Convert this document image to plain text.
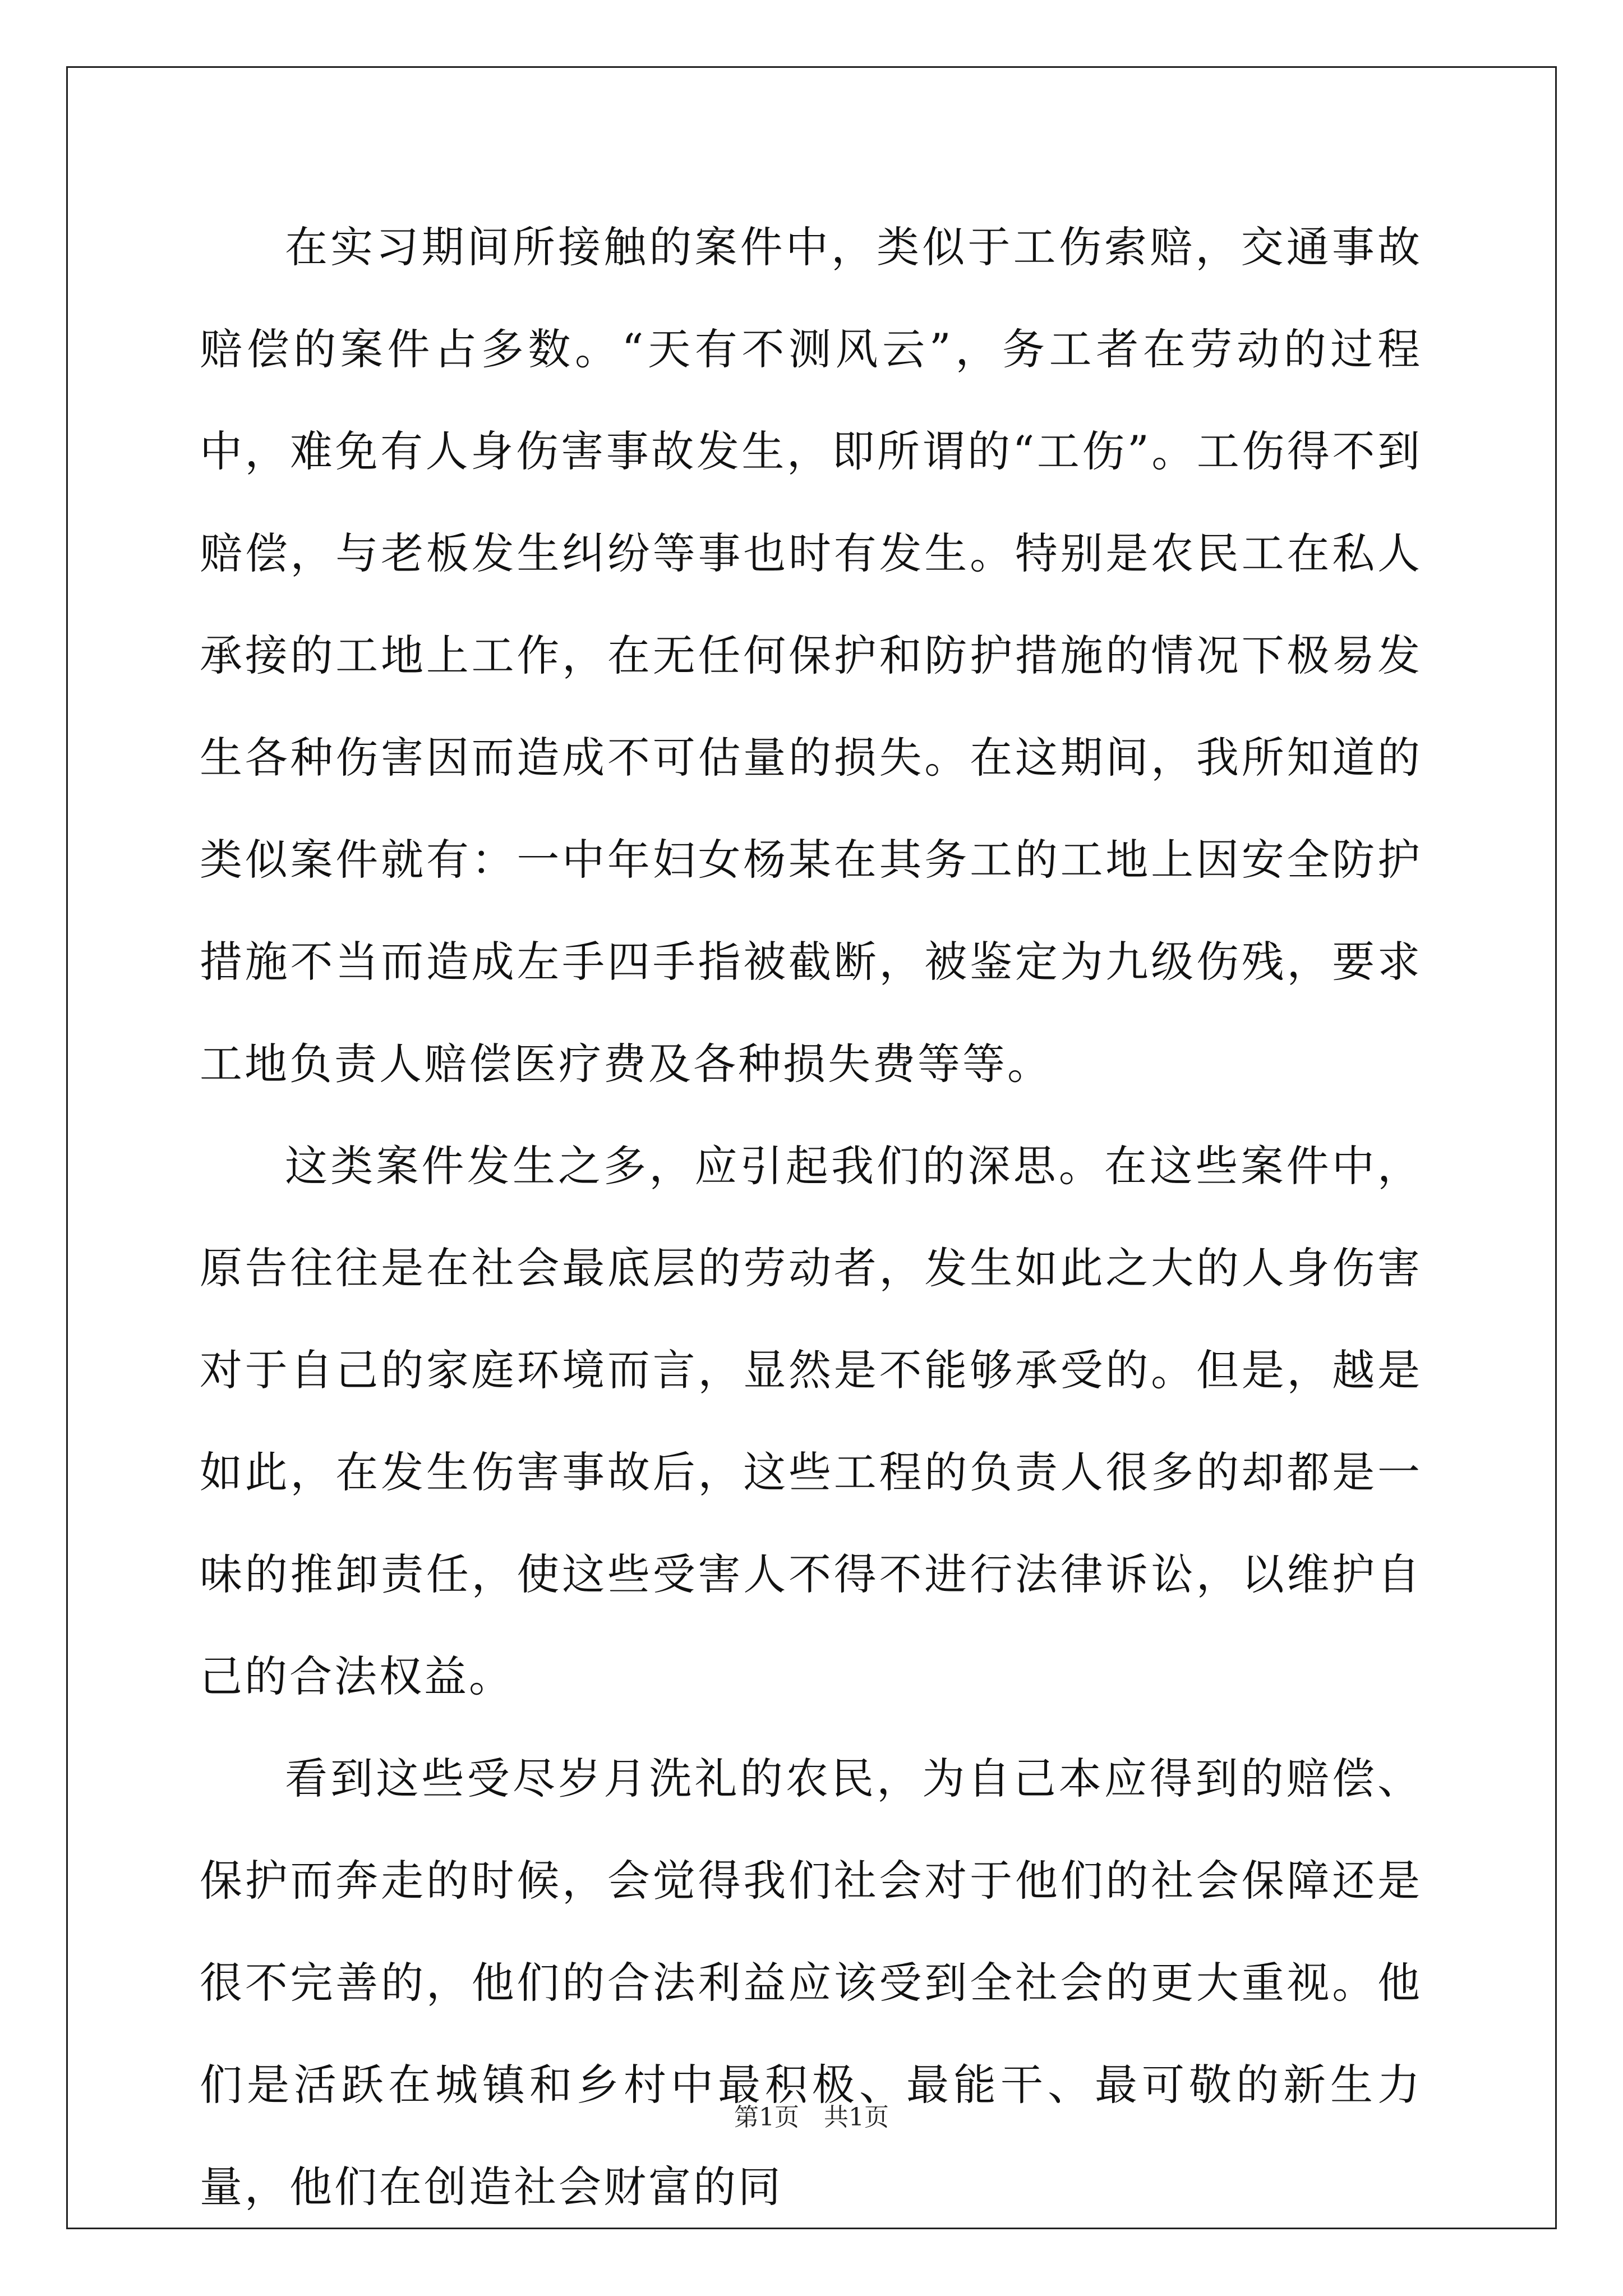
在实习期间所接触的案件中，类似于工伤索赔，交通事故赔偿的案件占多数。“天有不测风云”，务工者在劳动的过程中，难免有人身伤害事故发生，即所谓的“工伤”。工伤得不到赔偿，与老板发生纠纷等事也时有发生。特别是农民工在私人承接的工地上工作，在无任何保护和防护措施的情况下极易发生各种伤害因而造成不可估量的损失。在这期间，我所知道的类似案件就有：一中年妇女杨某在其务工的工地上因安全防护措施不当而造成左手四手指被截断，被鉴定为九级伤残，要求工地负责人赔偿医疗费及各种损失费等等。

这类案件发生之多，应引起我们的深思。在这些案件中，原告往往是在社会最底层的劳动者，发生如此之大的人身伤害对于自己的家庭环境而言，显然是不能够承受的。但是，越是如此，在发生伤害事故后，这些工程的负责人很多的却都是一味的推卸责任，使这些受害人不得不进行法律诉讼，以维护自己的合法权益。

看到这些受尽岁月洗礼的农民，为自己本应得到的赔偿、保护而奔走的时候，会觉得我们社会对于他们的社会保障还是很不完善的，他们的合法利益应该受到全社会的更大重视。他们是活跃在城镇和乡村中最积极、最能干、最可敬的新生力量，他们在创造社会财富的同

第1页　共1页
